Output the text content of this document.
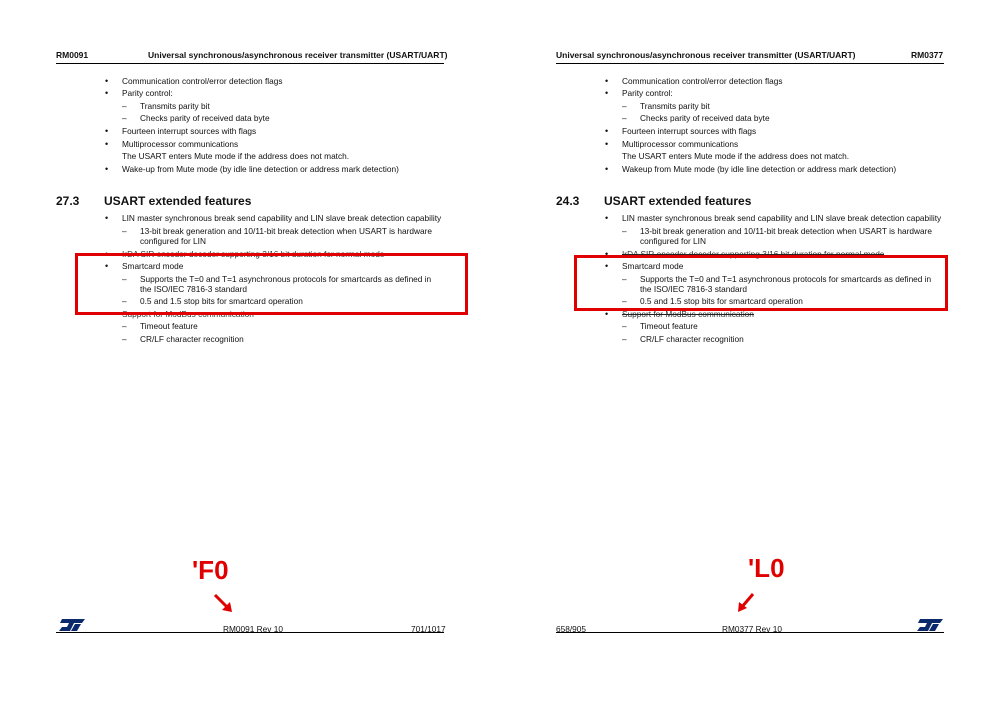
RM0091	Universal synchronous/asynchronous receiver transmitter (USART/UART)
• Communication control/error detection flags
• Parity control:
– Transmits parity bit
– Checks parity of received data byte
• Fourteen interrupt sources with flags
• Multiprocessor communications
The USART enters Mute mode if the address does not match.
• Wake-up from Mute mode (by idle line detection or address mark detection)
27.3 USART extended features
• LIN master synchronous break send capability and LIN slave break detection capability
– 13-bit break generation and 10/11-bit break detection when USART is hardware
configured for LIN
• IrDA SIR encoder decoder supporting 3/16 bit duration for normal mode
• Smartcard mode
– Supports the T=0 and T=1 asynchronous protocols for smartcards as defined in
the ISO/IEC 7816-3 standard
– 0.5 and 1.5 stop bits for smartcard operation
• Support for ModBus communication
– Timeout feature
– CR/LF character recognition
RM0091 Rev 10	701/1017
Universal synchronous/asynchronous receiver transmitter (USART/UART)	RM0377
• Communication control/error detection flags
• Parity control:
– Transmits parity bit
– Checks parity of received data byte
• Fourteen interrupt sources with flags
• Multiprocessor communications
The USART enters Mute mode if the address does not match.
• Wakeup from Mute mode (by idle line detection or address mark detection)
24.3 USART extended features
• LIN master synchronous break send capability and LIN slave break detection capability
– 13-bit break generation and 10/11-bit break detection when USART is hardware
configured for LIN
• IrDA SIR encoder decoder supporting 3/16 bit duration for normal mode
• Smartcard mode
– Supports the T=0 and T=1 asynchronous protocols for smartcards as defined in
the ISO/IEC 7816-3 standard
– 0.5 and 1.5 stop bits for smartcard operation
• Support for ModBus communication
– Timeout feature
– CR/LF character recognition
658/905	RM0377 Rev 10
'F0	'L0
